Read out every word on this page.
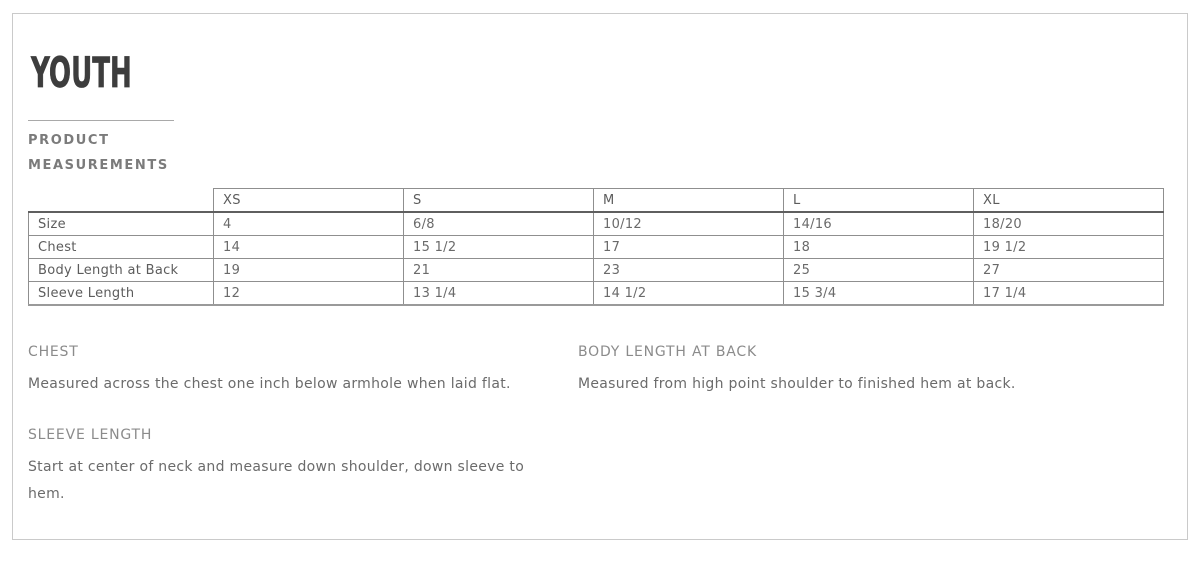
YOUTH
PRODUCT MEASUREMENTS
	XS	S	M	L	XL
Size	4	6/8	10/12	14/16	18/20
Chest	14	15 1/2	17	18	19 1/2
Body Length at Back	19	21	23	25	27
Sleeve Length	12	13 1/4	14 1/2	15 3/4	17 1/4
CHEST

Measured across the chest one inch below armhole when laid flat.

BODY LENGTH AT BACK

Measured from high point shoulder to finished hem at back.

SLEEVE LENGTH

Start at center of neck and measure down shoulder, down sleeve to hem.
